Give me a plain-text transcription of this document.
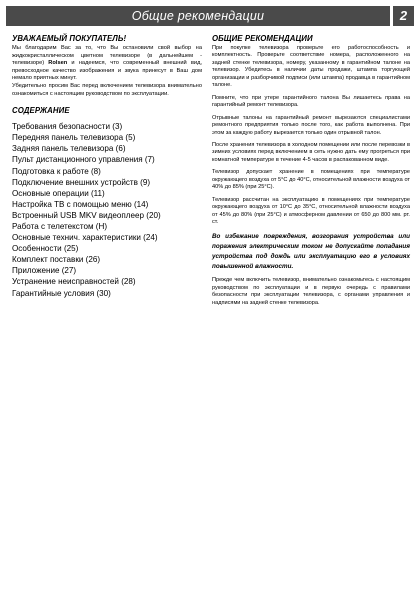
Общие рекомендации	2
УВАЖАЕМЫЙ ПОКУПАТЕЛЬ!

Мы благодарим Вас за то, что Вы остановили свой выбор на жидкокристаллическом цветном телевизоре (в дальнейшем - телевизоре) Rolsen и надеемся, что современный внешний вид, превосходное качество изображения и звука принесут в Ваш дом немало приятных минут.

Убедительно просим Вас перед включением телевизора внимательно ознакомиться с настоящим руководством по эксплуатации.

СОДЕРЖАНИЕ
Требования безопасности (3)
Передняя панель телевизора (5)
Задняя панель телевизора (6)
Пульт дистанционного управления (7)
Подготовка к работе (8)
Подключение внешних устройств (9)
Основные операции (11)
Настройка ТВ с помощью меню (14)
Встроенный USB MKV видеоплеер (20)
Работа с телетекстом (Н)
Основные технич. характеристики (24)
Особенности (25)
Комплект поставки (26)
Приложение (27)
Устранение неисправностей (28)
Гарантийные условия (30)
ОБЩИЕ РЕКОМЕНДАЦИИ

При покупке телевизора проверьте его работоспособность и комплектность. Проверьте соответствие номера, расположенного на задней стенке телевизора, номеру, указанному в гарантийном талоне на телевизор. Убедитесь в наличии даты продажи, штампа торгующей организации и разборчивой подписи (или штампа) продавца в гарантийном талоне.

Помните, что при утере гарантийного талона Вы лишаетесь права на гарантийный ремонт телевизора.

Отрывные талоны на гарантийный ремонт вырезаются специалистами ремонтного предприятия только после того, как работа выполнена. При этом за каждую работу вырезается только один отрывной талон.

После хранения телевизора в холодном помещении или после перевозки в зимних условиях перед включением в сеть нужно дать ему прогреться при комнатной температуре в течение 4-5 часов в распакованном виде.

Телевизор допускает хранение в помещениях при температуре окружающего воздуха от 5°С до 40°С, относительной влажности воздуха от 40% до 85% (при 25°С).

Телевизор рассчитан на эксплуатацию в помещениях при температуре окружающего воздуха от 10°С до 35°С, относительной влажности воздуха от 45% до 80% (при 25°С) и атмосферном давлении от 650 до 800 мм. рт. ст.

Во избежание повреждения, возгорания устройства или поражения электрическим током не допускайте попадания устройства под дождь или эксплуатацию его в условиях повышенной влажности.

Прежде чем включить телевизор, внимательно ознакомьтесь с настоящим руководством по эксплуатации и в первую очередь с правилами безопасности при эксплуатации телевизора, с органами управления и надписями на задней стенке телевизора.
